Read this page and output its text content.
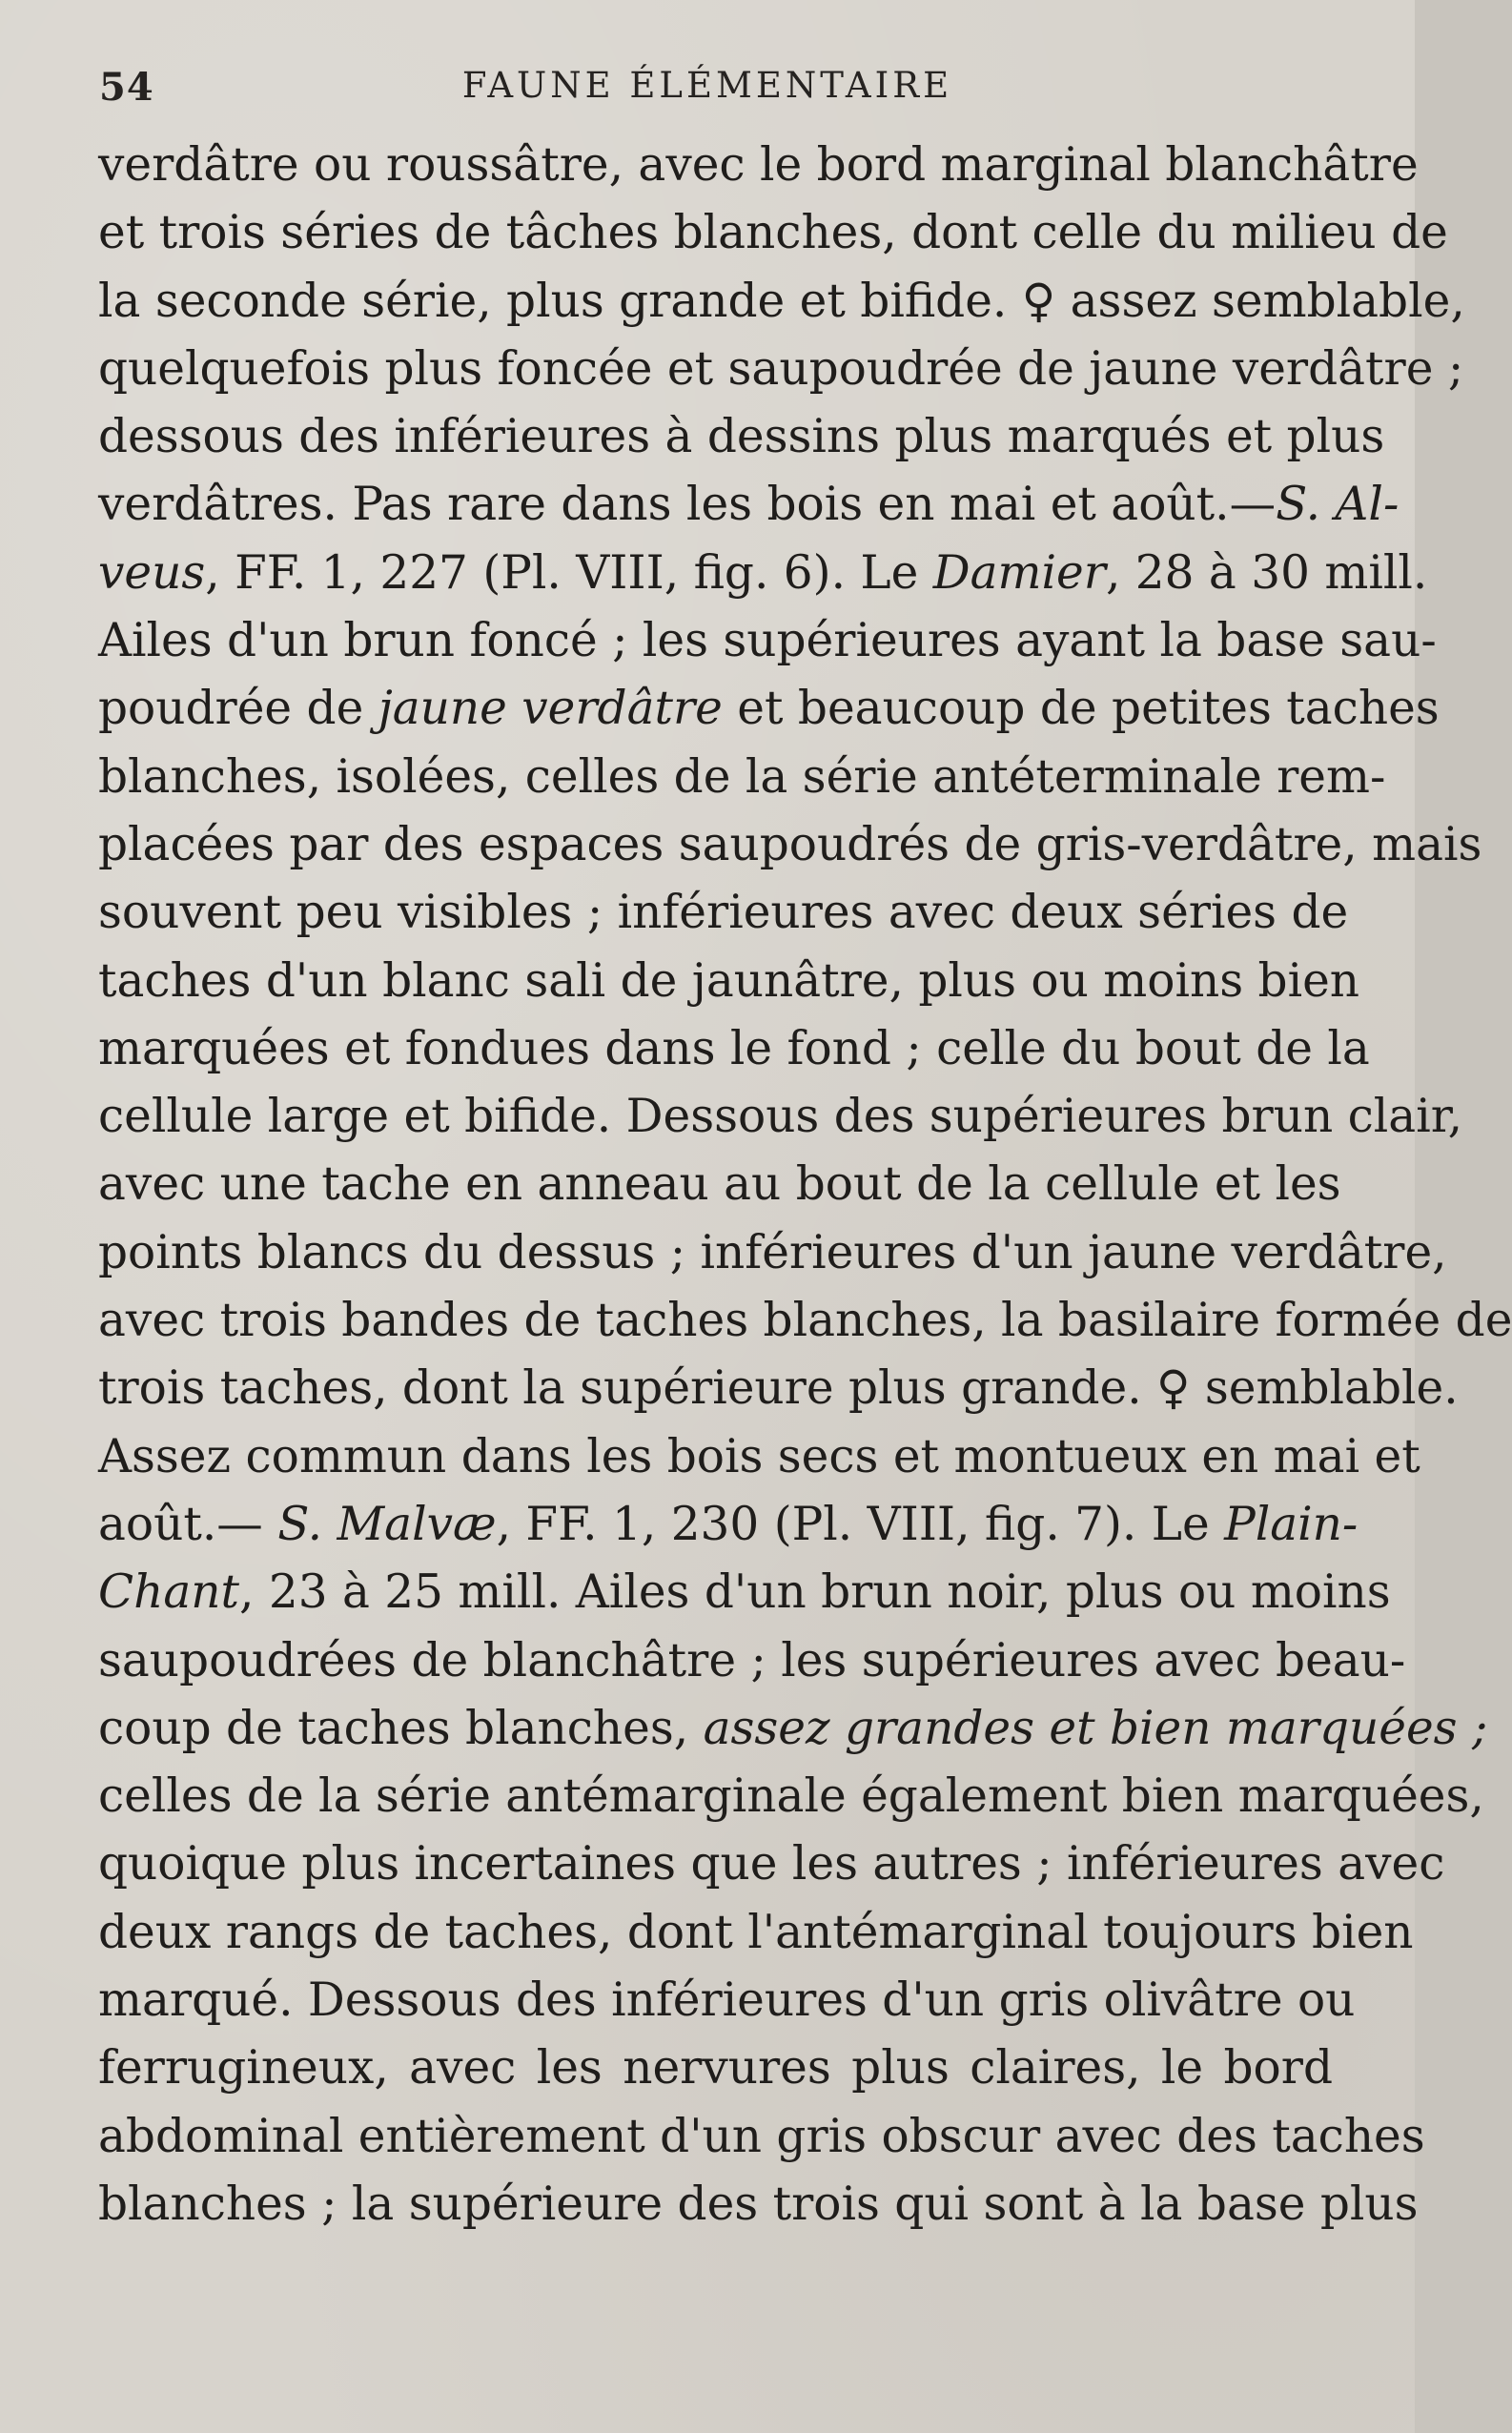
54	FAUNE ÉLÉMENTAIRE
verdâtre ou roussâtre, avec le bord marginal blanchâtre
et trois séries de tâches blanches, dont celle du milieu de
la seconde série, plus grande et bifide. ♀ assez semblable,
quelquefois plus foncée et saupoudrée de jaune verdâtre ;
dessous des inférieures à dessins plus marqués et plus
verdâtres. Pas rare dans les bois en mai et août.—S. Al-
veus, FF. 1, 227 (Pl. VIII, fig. 6). Le Damier, 28 à 30 mill.
Ailes d'un brun foncé ; les supérieures ayant la base sau-
poudrée de jaune verdâtre et beaucoup de petites taches
blanches, isolées, celles de la série antéterminale rem-
placées par des espaces saupoudrés de gris-verdâtre, mais
souvent peu visibles ; inférieures avec deux séries de
taches d'un blanc sali de jaunâtre, plus ou moins bien
marquées et fondues dans le fond ; celle du bout de la
cellule large et bifide. Dessous des supérieures brun clair,
avec une tache en anneau au bout de la cellule et les
points blancs du dessus ; inférieures d'un jaune verdâtre,
avec trois bandes de taches blanches, la basilaire formée de
trois taches, dont la supérieure plus grande. ♀ semblable.
Assez commun dans les bois secs et montueux en mai et
août.— S. Malvæ, FF. 1, 230 (Pl. VIII, fig. 7). Le Plain-
Chant, 23 à 25 mill. Ailes d'un brun noir, plus ou moins
saupoudrées de blanchâtre ; les supérieures avec beau-
coup de taches blanches, assez grandes et bien marquées ;
celles de la série antémarginale également bien marquées,
quoique plus incertaines que les autres ; inférieures avec
deux rangs de taches, dont l'antémarginal toujours bien
marqué. Dessous des inférieures d'un gris olivâtre ou
ferrugineux, avec les nervures plus claires, le bord
abdominal entièrement d'un gris obscur avec des taches
blanches ; la supérieure des trois qui sont à la base plus
